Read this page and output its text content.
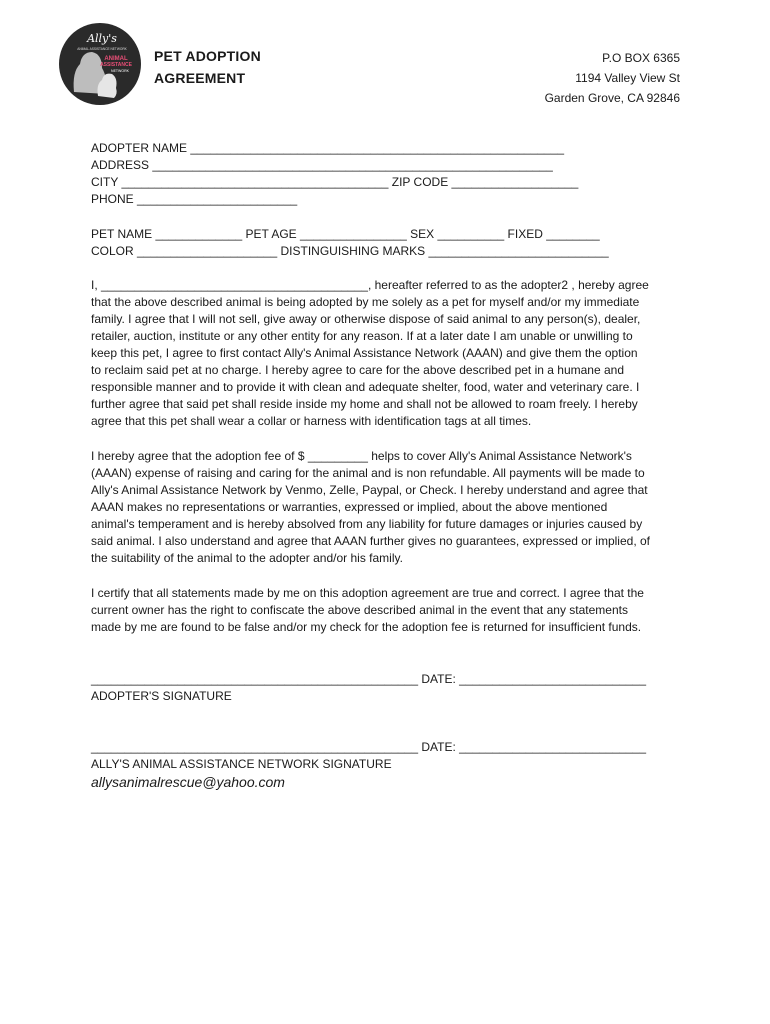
Ally's
ANIMAL ASSISTANCE NETWORK
ANIMAL
ASSISTANCE
NETWORK
PET ADOPTION
AGREEMENT
P.O BOX 6365
1194 Valley View St
Garden Grove, CA 92846
ADOPTER NAME ________________________________________________________
ADDRESS ____________________________________________________________
CITY ________________________________________ ZIP CODE ___________________
PHONE ________________________
PET NAME _____________ PET AGE ________________ SEX __________ FIXED ________
COLOR _____________________ DISTINGUISHING MARKS ___________________________
I, ________________________________________, hereafter referred to as the adopter2 , hereby agree
that the above described animal is being adopted by me solely as a pet for myself and/or my immediate
family. I agree that I will not sell, give away or otherwise dispose of said animal to any person(s), dealer,
retailer, auction, institute or any other entity for any reason. If at a later date I am unable or unwilling to
keep this pet, I agree to first contact Ally's Animal Assistance Network (AAAN) and give them the option
to reclaim said pet at no charge. I hereby agree to care for the above described pet in a humane and
responsible manner and to provide it with clean and adequate shelter, food, water and veterinary care. I
further agree that said pet shall reside inside my home and shall not be allowed to roam freely. I hereby
agree that this pet shall wear a collar or harness with identification tags at all times.
I hereby agree that the adoption fee of $ _________ helps to cover Ally's Animal Assistance Network's
(AAAN) expense of raising and caring for the animal and is non refundable. All payments will be made to
Ally's Animal Assistance Network by Venmo, Zelle, Paypal, or Check. I hereby understand and agree that
AAAN makes no representations or warranties, expressed or implied, about the above mentioned
animal's temperament and is hereby absolved from any liability for future damages or injuries caused by
said animal. I also understand and agree that AAAN further gives no guarantees, expressed or implied, of
the suitability of the animal to the adopter and/or his family.
I certify that all statements made by me on this adoption agreement are true and correct. I agree that the
current owner has the right to confiscate the above described animal in the event that any statements
made by me are found to be false and/or my check for the adoption fee is returned for insufficient funds.
_________________________________________________ DATE: ____________________________
ADOPTER'S SIGNATURE
_________________________________________________ DATE: ____________________________
ALLY'S ANIMAL ASSISTANCE NETWORK SIGNATURE
allysanimalrescue@yahoo.com
